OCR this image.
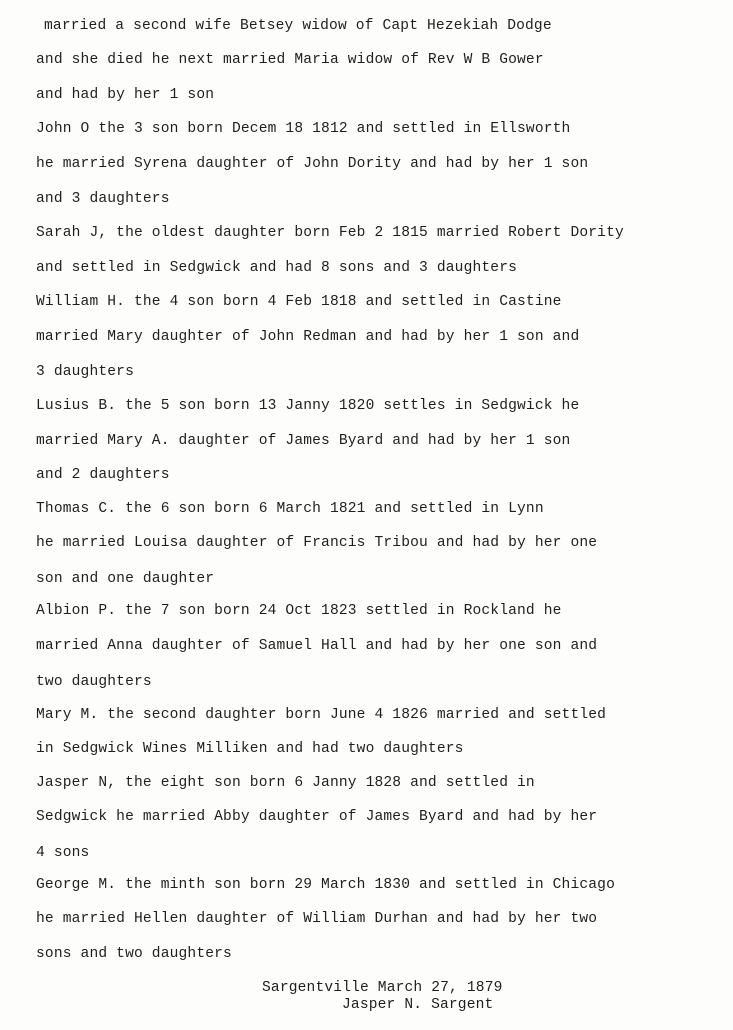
married a second wife Betsey widow of Capt Hezekiah Dodge
and she died he next married Maria widow of Rev W B Gower
and had by her 1 son
John O the 3 son born Decem 18 1812 and settled in Ellsworth
he married Syrena daughter of John Dority and had by her 1 son
and 3 daughters
Sarah J, the oldest daughter born Feb 2 1815 married Robert Dority
and settled in Sedgwick and had 8 sons and 3 daughters
William H. the 4 son born 4 Feb 1818 and settled in Castine
married Mary daughter of John Redman and had by her 1 son and
3 daughters
Lusius B. the 5 son born 13 Janny 1820 settles in Sedgwick he
married Mary A. daughter of James Byard and had by her 1 son
and 2 daughters
Thomas C. the 6 son born 6 March 1821 and settled in Lynn
he married Louisa daughter of Francis Tribou and had by her one
son and one daughter
Albion P. the 7 son born 24 Oct 1823 settled in Rockland he
married Anna daughter of Samuel Hall and had by her one son and
two daughters
Mary M. the second daughter born June 4 1826 married and settled
in Sedgwick Wines Milliken and had two daughters
Jasper N, the eight son born 6 Janny 1828 and settled in
Sedgwick he married Abby daughter of James Byard and had by her
4 sons
George M. the minth son born 29 March 1830 and settled in Chicago
he married Hellen daughter of William Durhan and had by her two
sons and two daughters
Sargentville March 27, 1879
Jasper N. Sargent
